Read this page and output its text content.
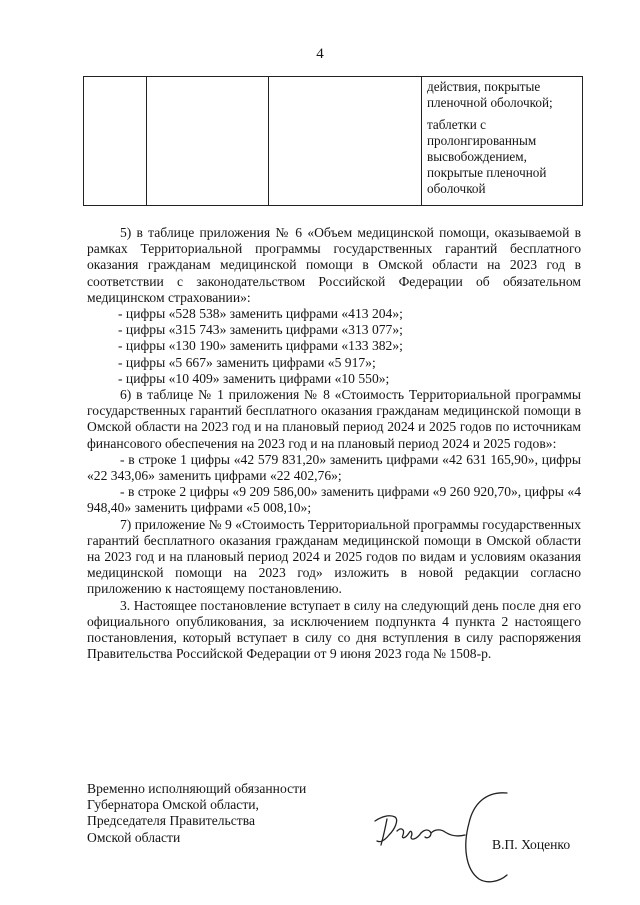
4

действия, покрытые пленочной оболочкой;

таблетки с пролонгированным высвобождением, покрытые пленочной оболочкой

5) в таблице приложения № 6 «Объем медицинской помощи, оказываемой в рамках Территориальной программы государственных гарантий бесплатного оказания гражданам медицинской помощи в Омской области на 2023 год в соответствии с законодательством Российской Федерации об обязательном медицинском страховании»:

- цифры «528 538» заменить цифрами «413 204»;

- цифры «315 743» заменить цифрами «313 077»;

- цифры «130 190» заменить цифрами «133 382»;

- цифры «5 667» заменить цифрами «5 917»;

- цифры «10 409» заменить цифрами «10 550»;

6) в таблице № 1 приложения № 8 «Стоимость Территориальной программы государственных гарантий бесплатного оказания гражданам медицинской помощи в Омской области на 2023 год и на плановый период 2024 и 2025 годов по источникам финансового обеспечения на 2023 год и на плановый период 2024 и 2025 годов»:

- в строке 1 цифры «42 579 831,20» заменить цифрами «42 631 165,90», цифры «22 343,06» заменить цифрами «22 402,76»;

- в строке 2 цифры «9 209 586,00» заменить цифрами «9 260 920,70», цифры «4 948,40» заменить цифрами «5 008,10»;

7) приложение № 9 «Стоимость Территориальной программы государственных гарантий бесплатного оказания гражданам медицинской помощи в Омской области на 2023 год и на плановый период 2024 и 2025 годов по видам и условиям оказания медицинской помощи на 2023 год» изложить в новой редакции согласно приложению к настоящему постановлению.

3. Настоящее постановление вступает в силу на следующий день после дня его официального опубликования, за исключением подпункта 4 пункта 2 настоящего постановления, который вступает в силу со дня вступления в силу распоряжения Правительства Российской Федерации от 9 июня 2023 года № 1508-р.

Временно исполняющий обязанности
Губернатора Омской области,
Председателя Правительства
Омской области	В.П. Хоценко
